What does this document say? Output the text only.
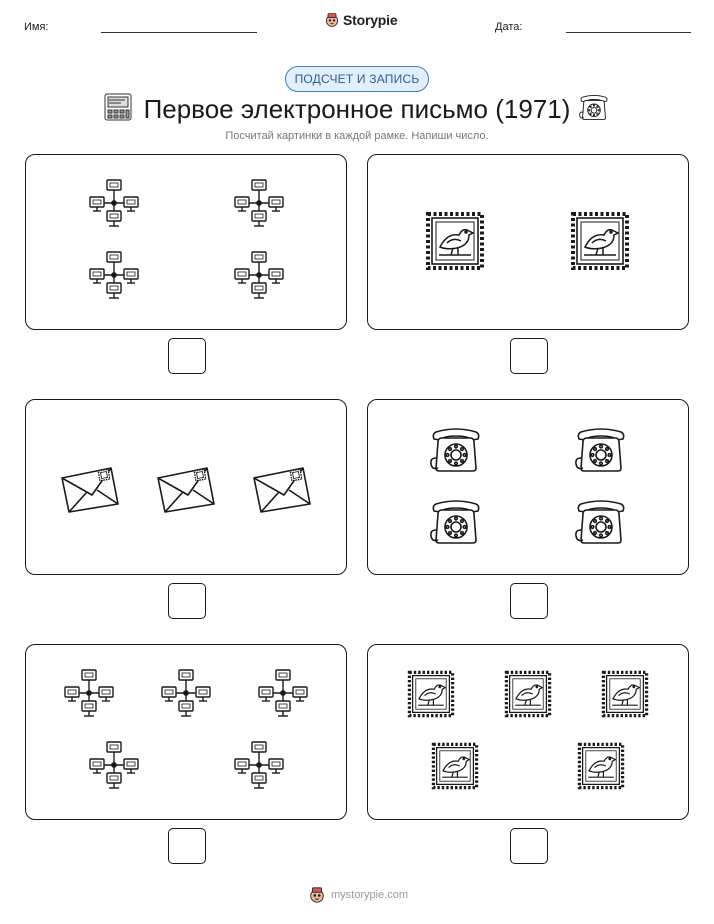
Имя:	Storypie	Дата:
ПОДСЧЕТ И ЗАПИСЬ
Первое электронное письмо (1971)
Посчитай картинки в каждой рамке. Напиши число.
mystorypie.com
